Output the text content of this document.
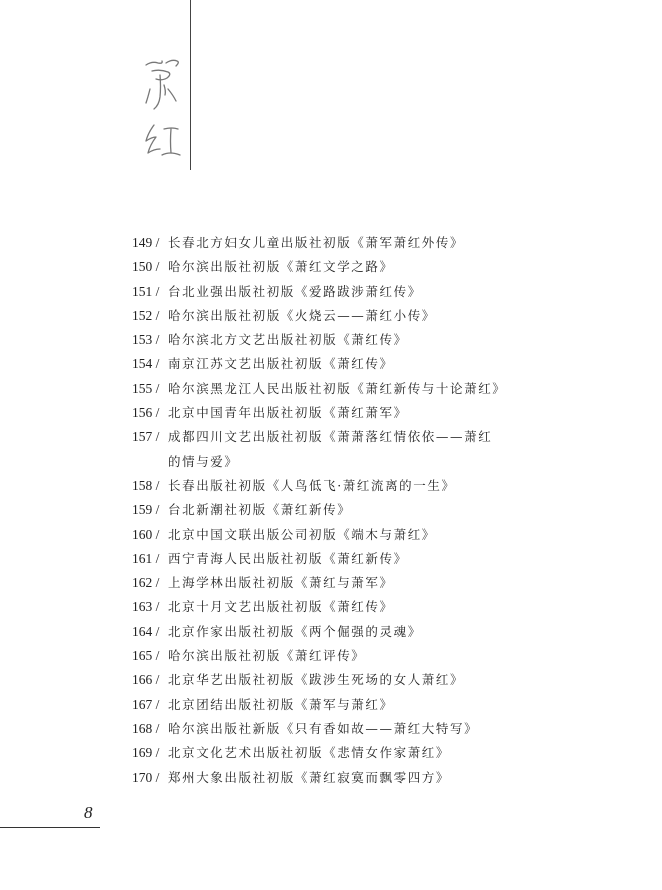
149 / 长春北方妇女儿童出版社初版《萧军萧红外传》
150 / 哈尔滨出版社初版《萧红文学之路》
151 / 台北业强出版社初版《爱路跋涉萧红传》
152 / 哈尔滨出版社初版《火烧云——萧红小传》
153 / 哈尔滨北方文艺出版社初版《萧红传》
154 / 南京江苏文艺出版社初版《萧红传》
155 / 哈尔滨黑龙江人民出版社初版《萧红新传与十论萧红》
156 / 北京中国青年出版社初版《萧红萧军》
157 / 成都四川文艺出版社初版《萧萧落红情依依——萧红
的情与爱》
158 / 长春出版社初版《人鸟低飞·萧红流离的一生》
159 / 台北新潮社初版《萧红新传》
160 / 北京中国文联出版公司初版《端木与萧红》
161 / 西宁青海人民出版社初版《萧红新传》
162 / 上海学林出版社初版《萧红与萧军》
163 / 北京十月文艺出版社初版《萧红传》
164 / 北京作家出版社初版《两个倔强的灵魂》
165 / 哈尔滨出版社初版《萧红评传》
166 / 北京华艺出版社初版《跋涉生死场的女人萧红》
167 / 北京团结出版社初版《萧军与萧红》
168 / 哈尔滨出版社新版《只有香如故——萧红大特写》
169 / 北京文化艺术出版社初版《悲情女作家萧红》
170 / 郑州大象出版社初版《萧红寂寞而飘零四方》
8
